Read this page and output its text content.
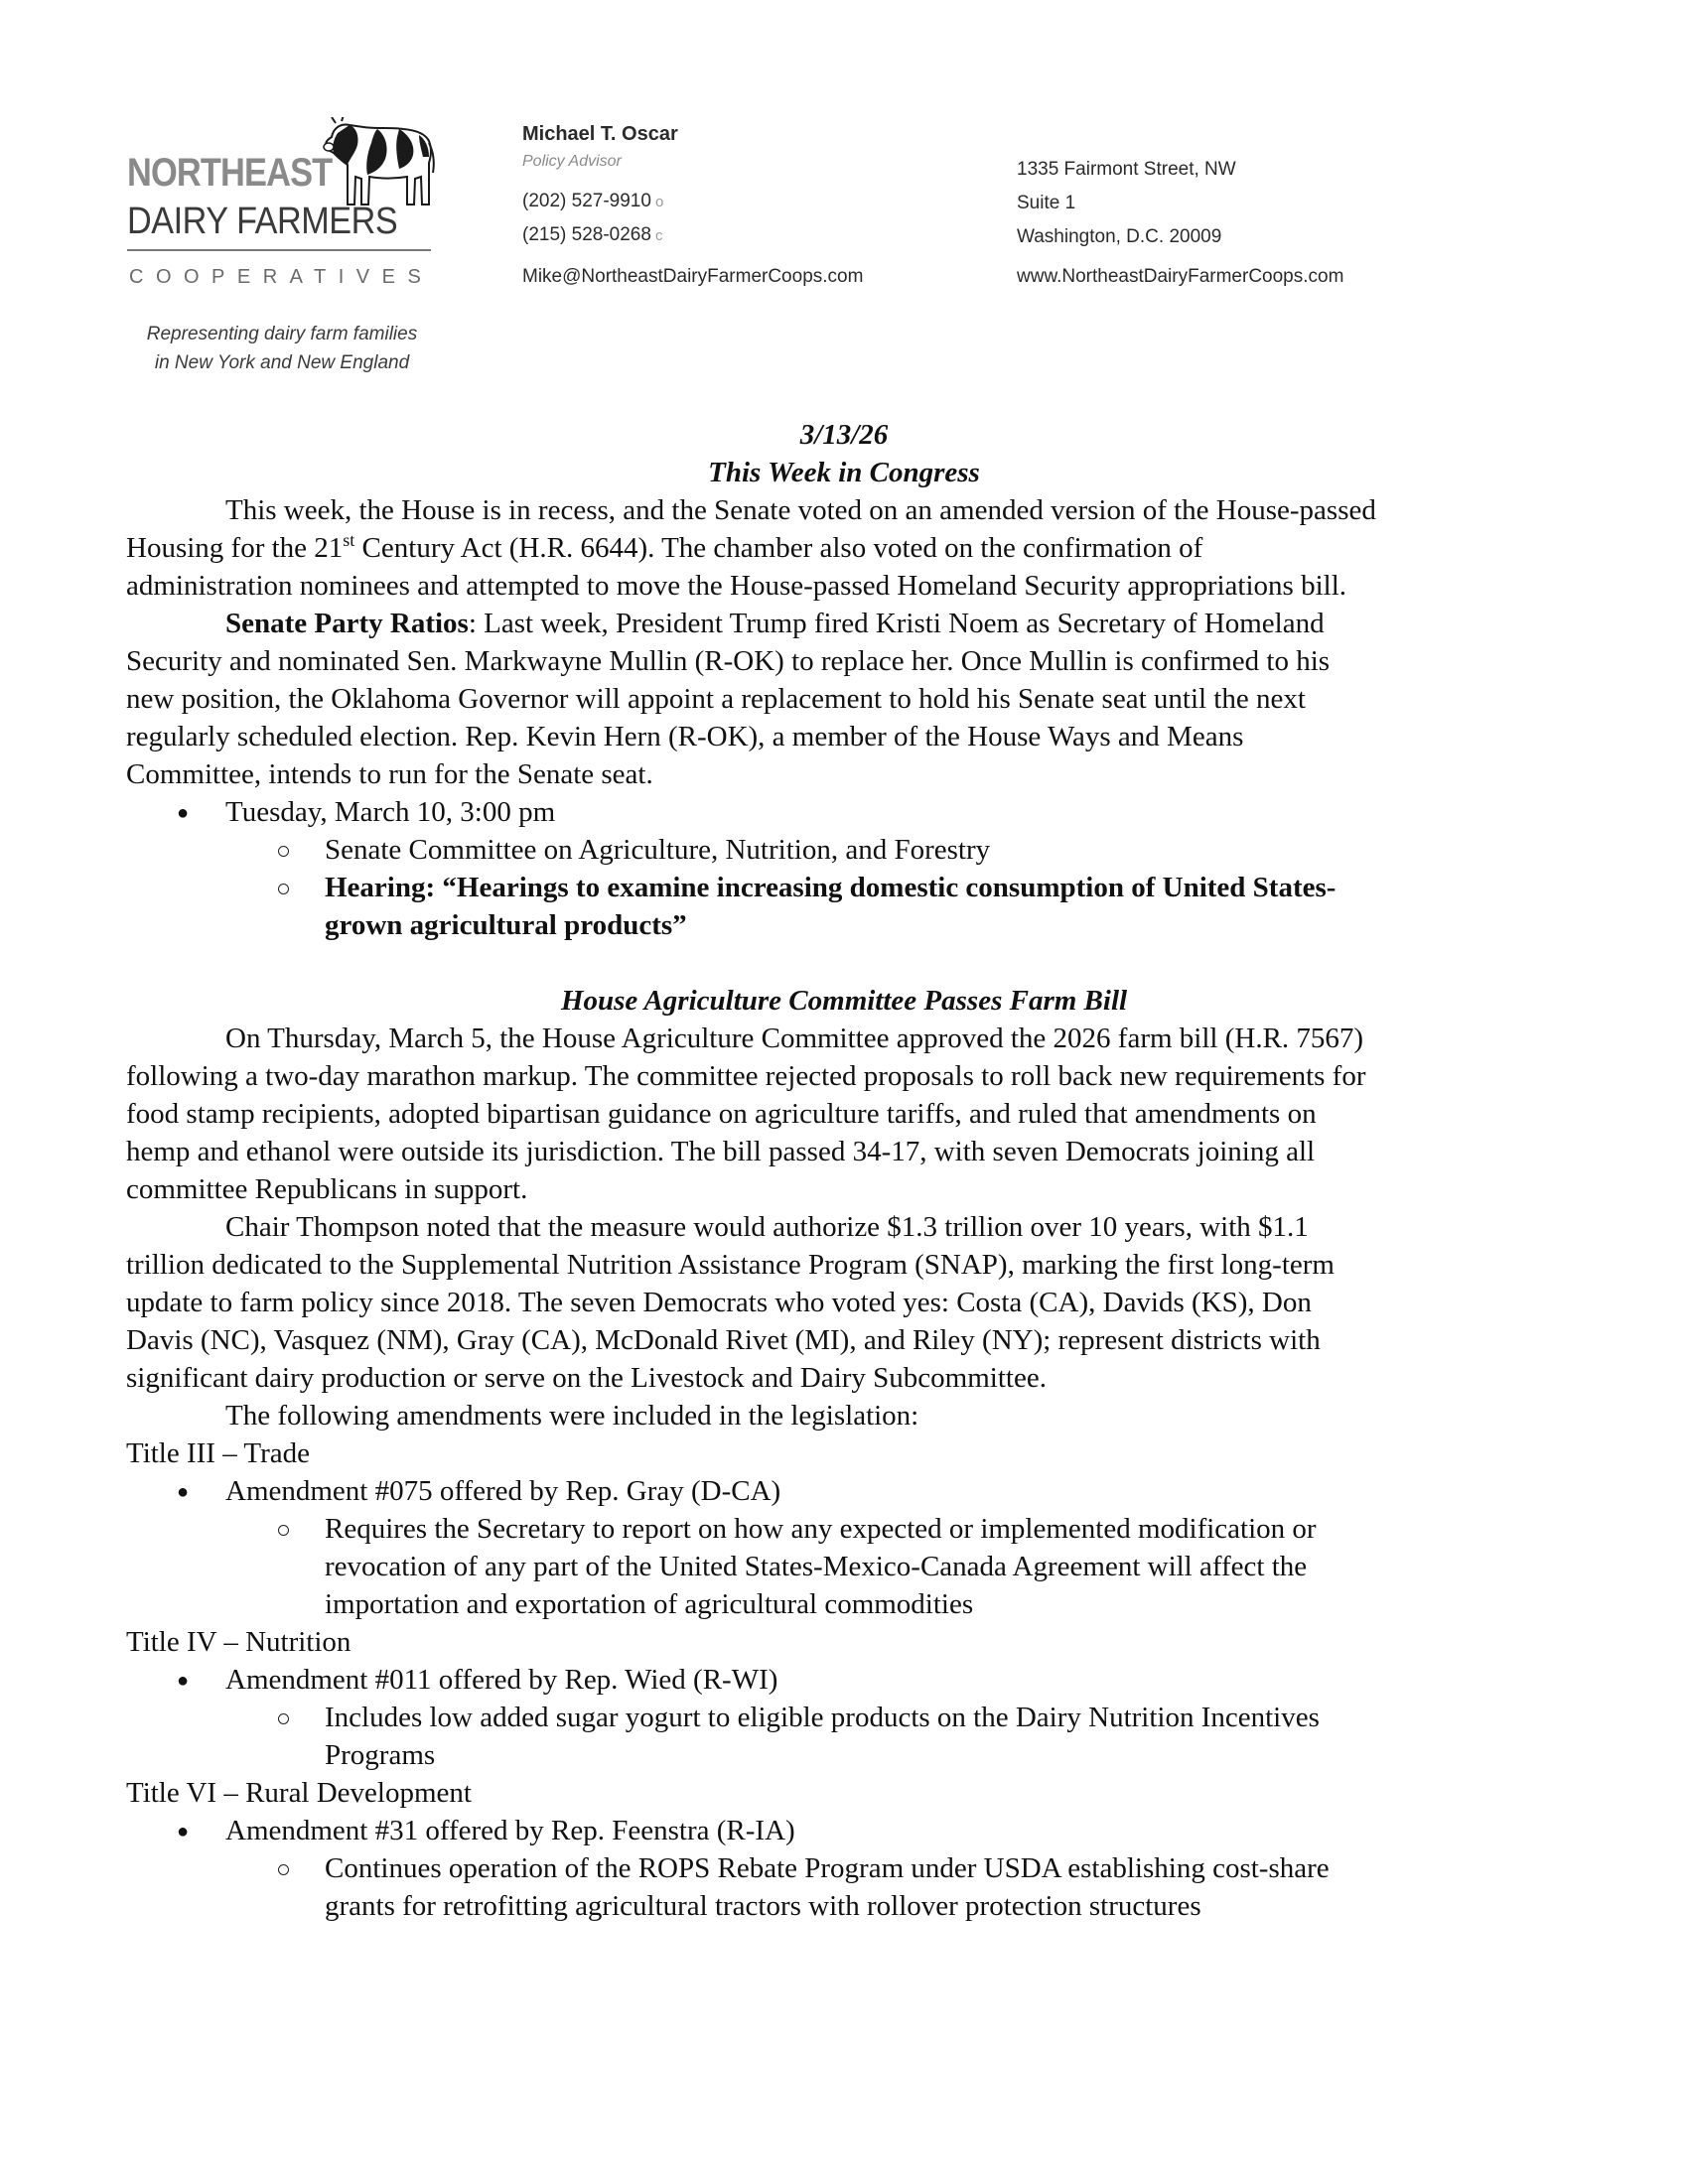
NORTHEAST
DAIRY FARMERS
COOPERATIVES
Representing dairy farm families
in New York and New England
Michael T. Oscar
Policy Advisor
(202) 527-9910 o
(215) 528-0268 c
Mike@NortheastDairyFarmerCoops.com
1335 Fairmont Street, NW
Suite 1
Washington, D.C. 20009
www.NortheastDairyFarmerCoops.com
3/13/26
This Week in Congress
This week, the House is in recess, and the Senate voted on an amended version of the House-passed
Housing for the 21st Century Act (H.R. 6644). The chamber also voted on the confirmation of
administration nominees and attempted to move the House-passed Homeland Security appropriations bill.
Senate Party Ratios: Last week, President Trump fired Kristi Noem as Secretary of Homeland
Security and nominated Sen. Markwayne Mullin (R-OK) to replace her. Once Mullin is confirmed to his
new position, the Oklahoma Governor will appoint a replacement to hold his Senate seat until the next
regularly scheduled election. Rep. Kevin Hern (R-OK), a member of the House Ways and Means
Committee, intends to run for the Senate seat.
● Tuesday, March 10, 3:00 pm
Senate Committee on Agriculture, Nutrition, and Forestry
Hearing: “Hearings to examine increasing domestic consumption of United States-
grown agricultural products”
House Agriculture Committee Passes Farm Bill
On Thursday, March 5, the House Agriculture Committee approved the 2026 farm bill (H.R. 7567)
following a two-day marathon markup. The committee rejected proposals to roll back new requirements for
food stamp recipients, adopted bipartisan guidance on agriculture tariffs, and ruled that amendments on
hemp and ethanol were outside its jurisdiction. The bill passed 34-17, with seven Democrats joining all
committee Republicans in support.
Chair Thompson noted that the measure would authorize $1.3 trillion over 10 years, with $1.1
trillion dedicated to the Supplemental Nutrition Assistance Program (SNAP), marking the first long-term
update to farm policy since 2018. The seven Democrats who voted yes: Costa (CA), Davids (KS), Don
Davis (NC), Vasquez (NM), Gray (CA), McDonald Rivet (MI), and Riley (NY); represent districts with
significant dairy production or serve on the Livestock and Dairy Subcommittee.
The following amendments were included in the legislation:
Title III – Trade
● Amendment #075 offered by Rep. Gray (D-CA)
Requires the Secretary to report on how any expected or implemented modification or
revocation of any part of the United States-Mexico-Canada Agreement will affect the
importation and exportation of agricultural commodities
Title IV – Nutrition
● Amendment #011 offered by Rep. Wied (R-WI)
Includes low added sugar yogurt to eligible products on the Dairy Nutrition Incentives
Programs
Title VI – Rural Development
● Amendment #31 offered by Rep. Feenstra (R-IA)
Continues operation of the ROPS Rebate Program under USDA establishing cost-share
grants for retrofitting agricultural tractors with rollover protection structures
